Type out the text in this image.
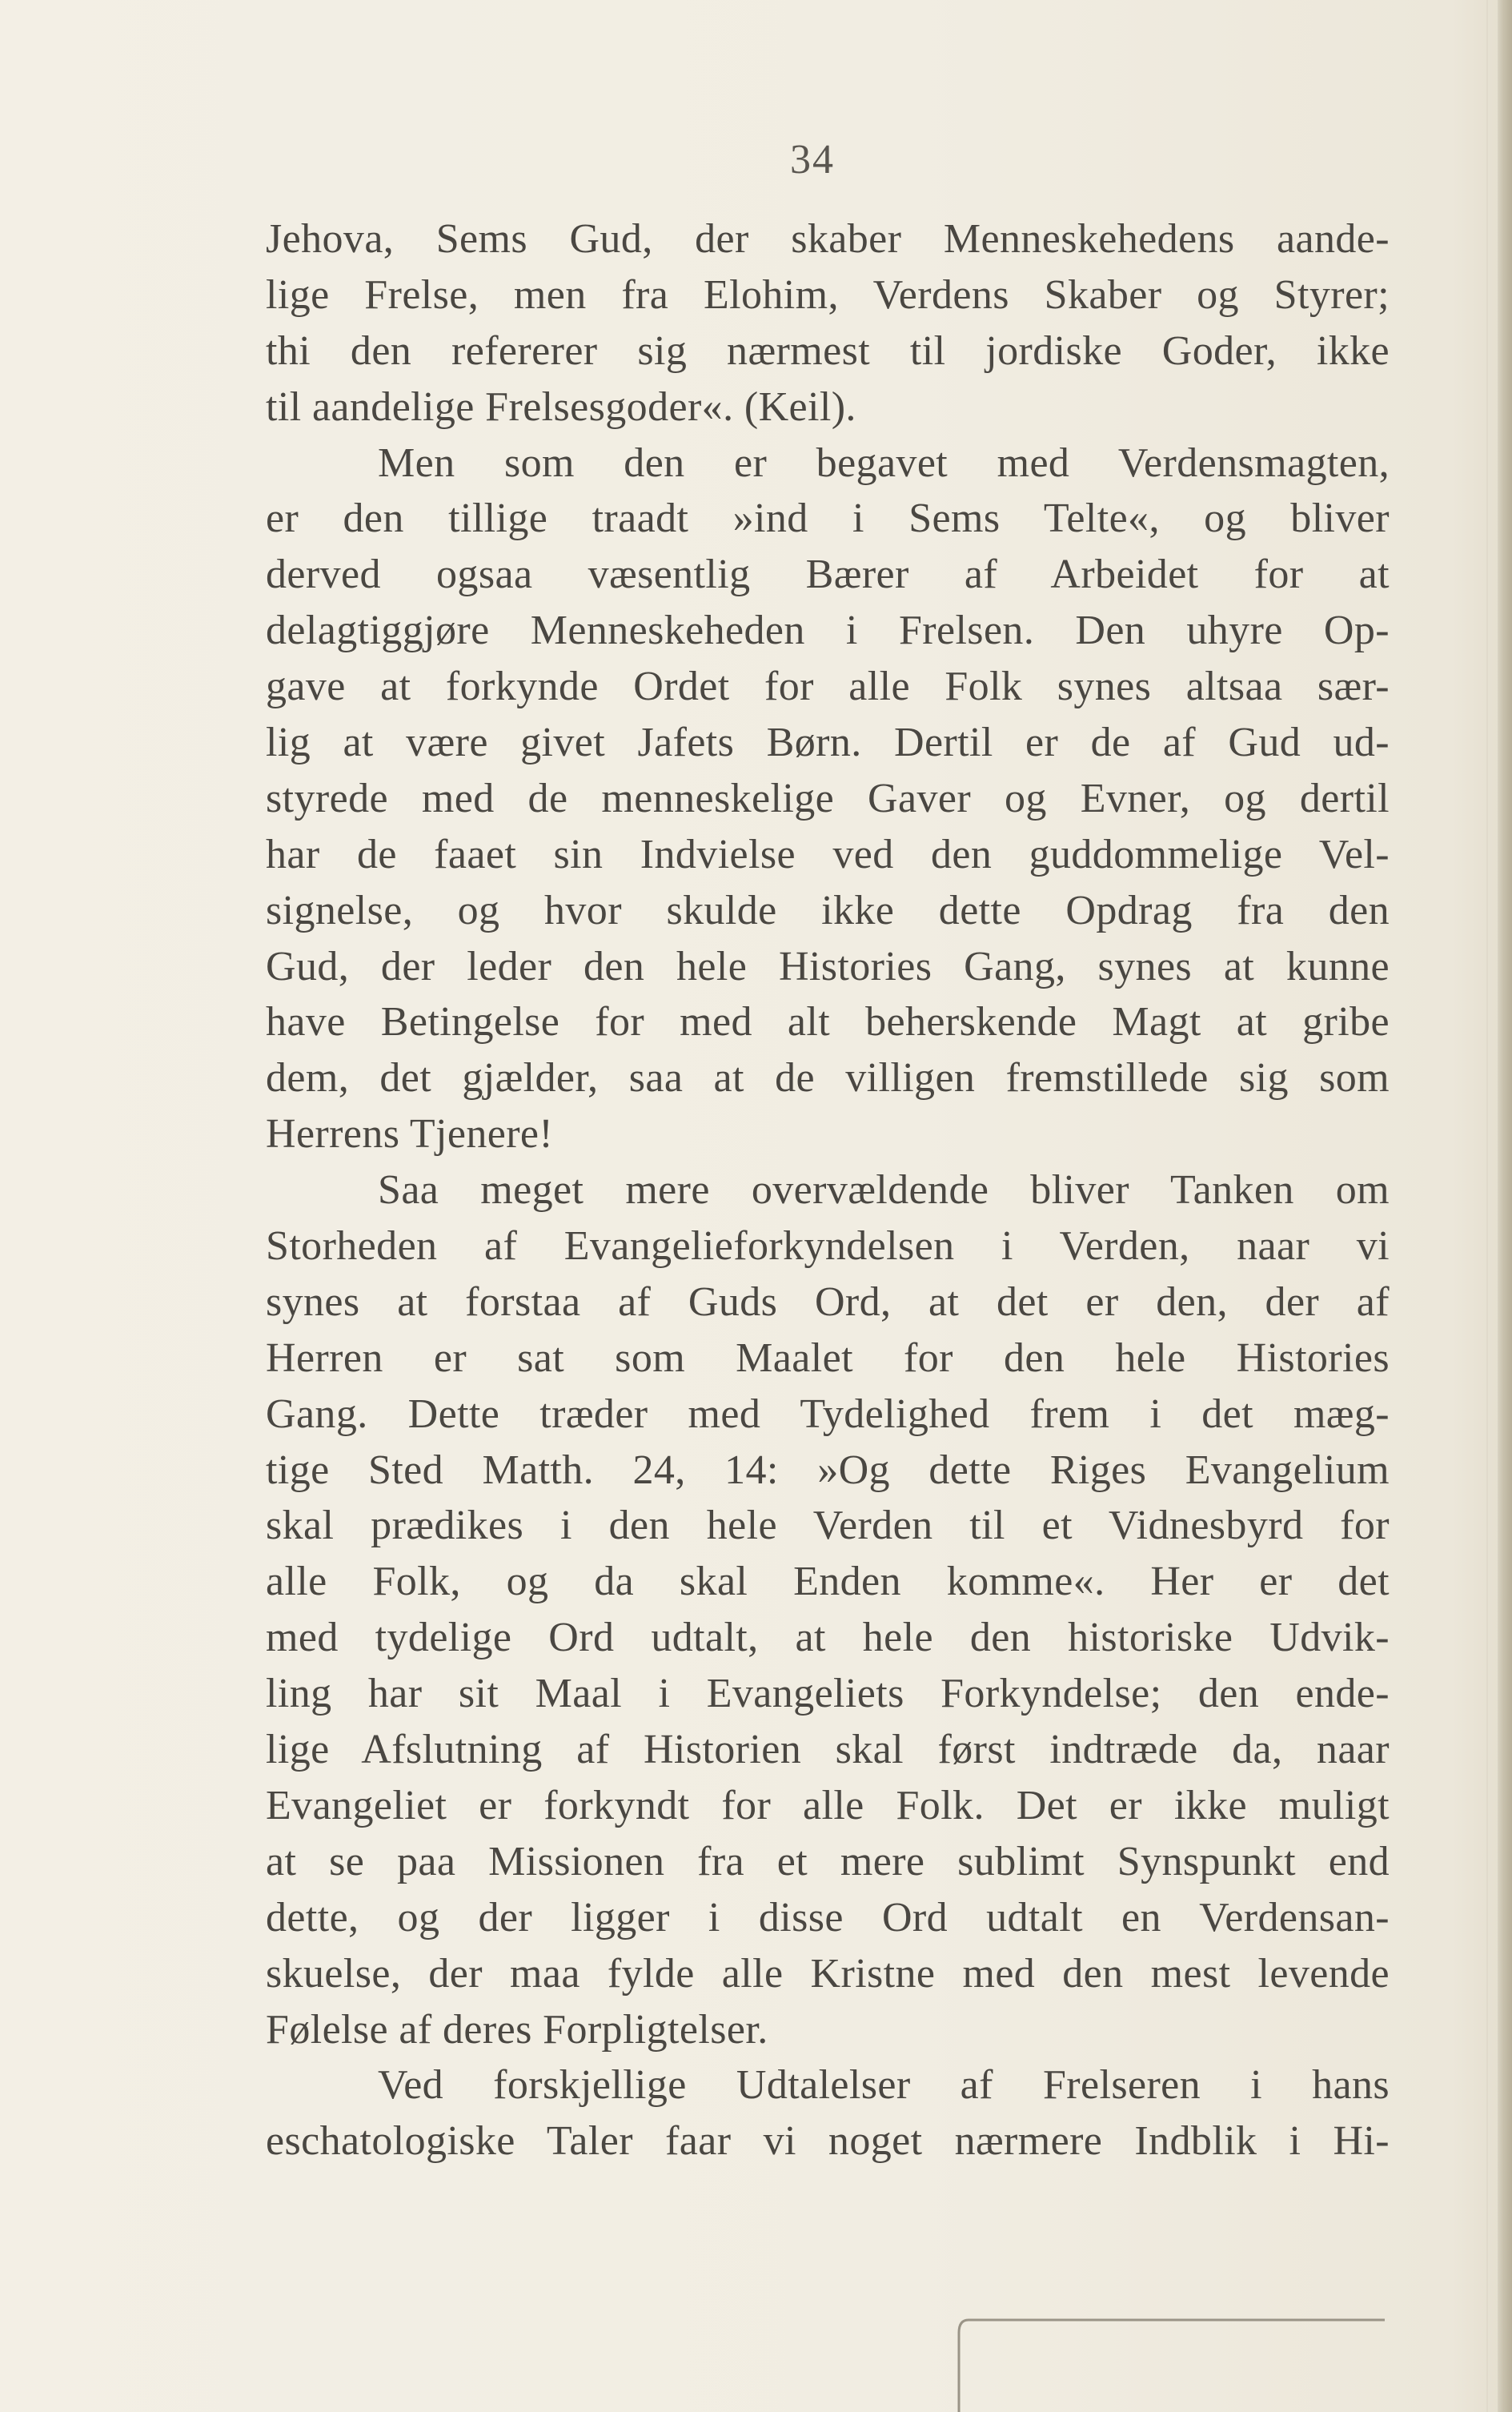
34
Jehova, Sems Gud, der skaber Menneskehedens aande-
lige Frelse, men fra Elohim, Verdens Skaber og Styrer;
thi den refererer sig nærmest til jordiske Goder, ikke
til aandelige Frelsesgoder«. (Keil).
Men som den er begavet med Verdensmagten,
er den tillige traadt »ind i Sems Telte«, og bliver
derved ogsaa væsentlig Bærer af Arbeidet for at
delagtiggjøre Menneskeheden i Frelsen. Den uhyre Op-
gave at forkynde Ordet for alle Folk synes altsaa sær-
lig at være givet Jafets Børn. Dertil er de af Gud ud-
styrede med de menneskelige Gaver og Evner, og dertil
har de faaet sin Indvielse ved den guddommelige Vel-
signelse, og hvor skulde ikke dette Opdrag fra den
Gud, der leder den hele Histories Gang, synes at kunne
have Betingelse for med alt beherskende Magt at gribe
dem, det gjælder, saa at de villigen fremstillede sig som
Herrens Tjenere!
Saa meget mere overvældende bliver Tanken om
Storheden af Evangelieforkyndelsen i Verden, naar vi
synes at forstaa af Guds Ord, at det er den, der af
Herren er sat som Maalet for den hele Histories
Gang. Dette træder med Tydelighed frem i det mæg-
tige Sted Matth. 24, 14: »Og dette Riges Evangelium
skal prædikes i den hele Verden til et Vidnesbyrd for
alle Folk, og da skal Enden komme«. Her er det
med tydelige Ord udtalt, at hele den historiske Udvik-
ling har sit Maal i Evangeliets Forkyndelse; den ende-
lige Afslutning af Historien skal først indtræde da, naar
Evangeliet er forkyndt for alle Folk. Det er ikke muligt
at se paa Missionen fra et mere sublimt Synspunkt end
dette, og der ligger i disse Ord udtalt en Verdensan-
skuelse, der maa fylde alle Kristne med den mest levende
Følelse af deres Forpligtelser.
Ved forskjellige Udtalelser af Frelseren i hans
eschatologiske Taler faar vi noget nærmere Indblik i Hi-
